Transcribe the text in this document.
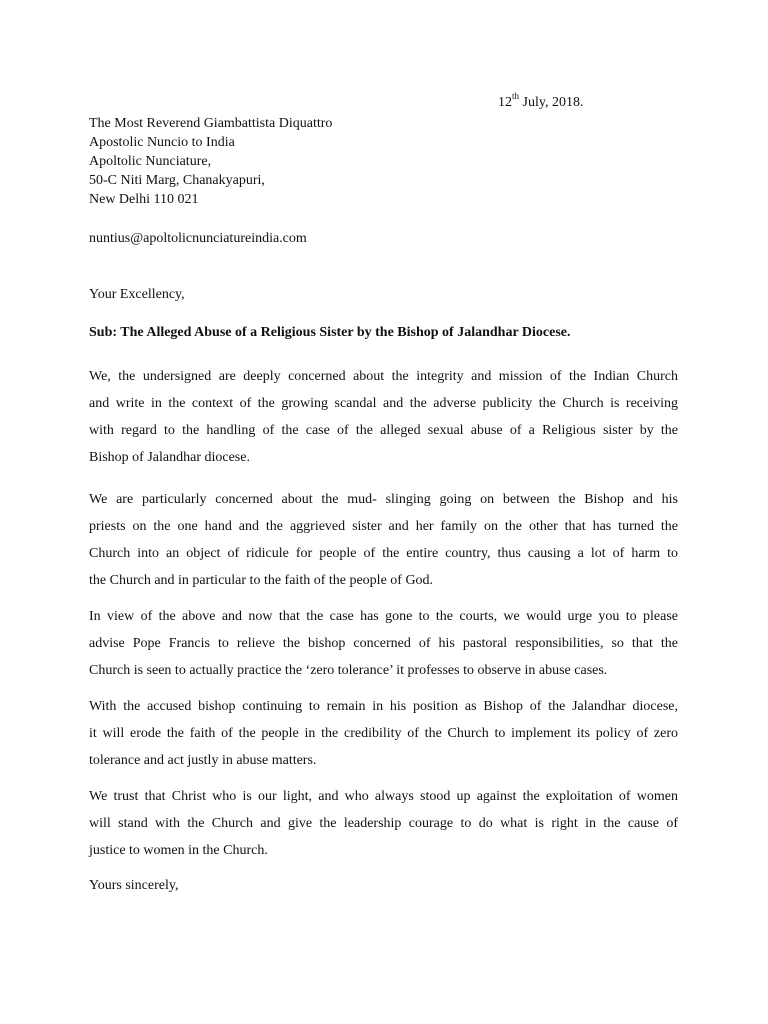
12th July, 2018.
The Most Reverend Giambattista Diquattro
Apostolic Nuncio to India
Apoltolic Nunciature,
50-C Niti Marg, Chanakyapuri,
New Delhi 110 021
nuntius@apoltolicnunciatureindia.com
Your Excellency,
Sub: The Alleged Abuse of a Religious Sister by the Bishop of Jalandhar Diocese.
We, the undersigned are deeply concerned about the integrity and mission of the Indian Church
and write in the context of the growing scandal and the adverse publicity the Church is receiving
with regard to the handling of the case of the alleged sexual abuse of a Religious sister by the
Bishop of Jalandhar diocese.
We are particularly concerned about the mud- slinging going on between the Bishop and his
priests on the one hand and the aggrieved sister and her family on the other that has turned the
Church into an object of ridicule for people of the entire country, thus causing a lot of harm to
the Church and in particular to the faith of the people of God.
In view of the above and now that the case has gone to the courts, we would urge you to please
advise Pope Francis to relieve the bishop concerned of his pastoral responsibilities, so that the
Church is seen to actually practice the ‘zero tolerance’ it professes to observe in abuse cases.
With the accused bishop continuing to remain in his position as Bishop of the Jalandhar diocese,
it will erode the faith of the people in the credibility of the Church to implement its policy of zero
tolerance and act justly in abuse matters.
We trust that Christ who is our light, and who always stood up against the exploitation of women
will stand with the Church and give the leadership courage to do what is right in the cause of
justice to women in the Church.
Yours sincerely,
